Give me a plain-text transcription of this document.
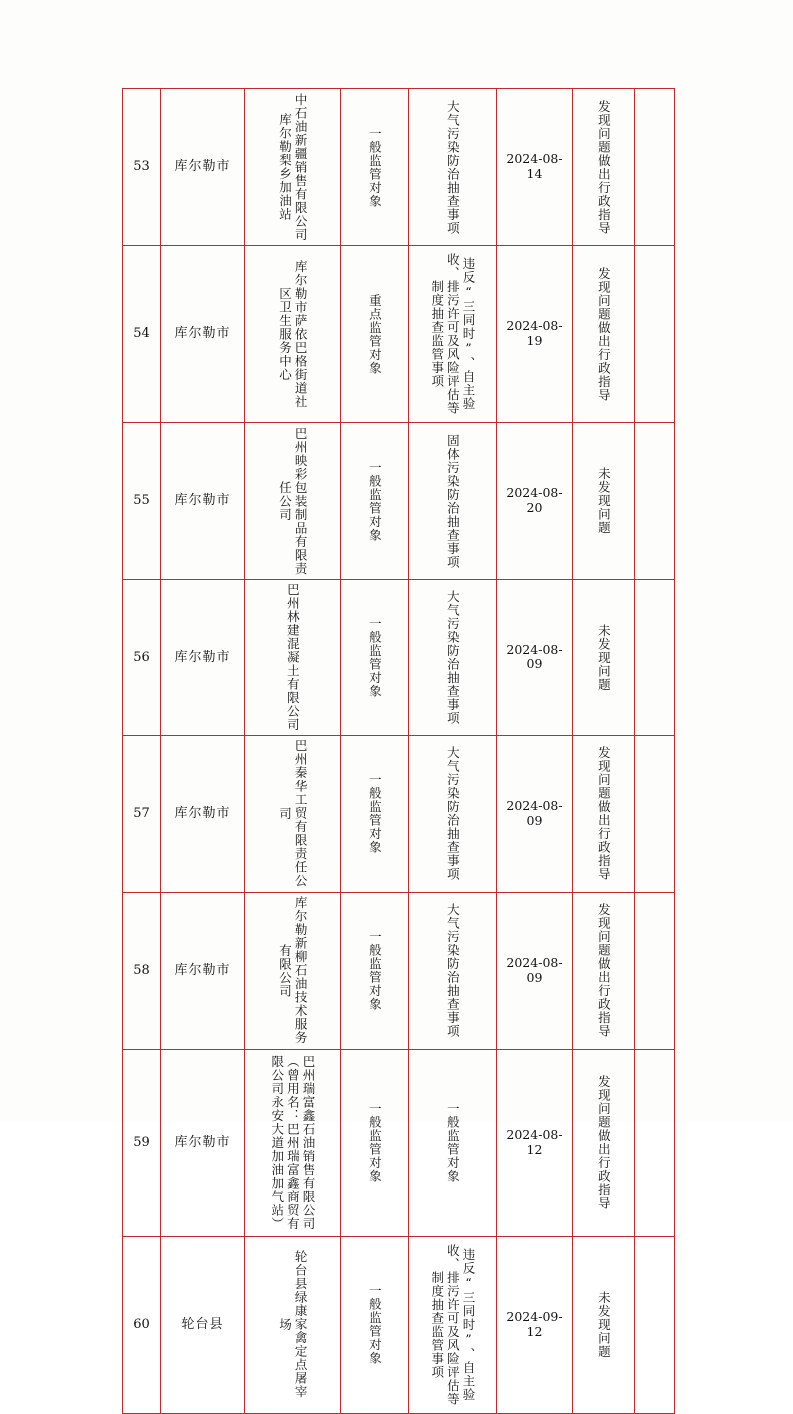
53	库尔勒市	中石油新疆销售有限公司库尔勒梨乡加油站	一般监管对象	大气污染防治抽查事项	2024-08-14	发现问题做出行政指导	

54	库尔勒市	库尔勒市萨依巴格街道社区卫生服务中心	重点监管对象	违反“三同时”、自主验收、排污许可及风险评估等制度抽查监管事项	2024-08-19	发现问题做出行政指导	

55	库尔勒市	巴州映彩包装制品有限责任公司	一般监管对象	固体污染防治抽查事项	2024-08-20	未发现问题	

56	库尔勒市	巴州林建混凝土有限公司	一般监管对象	大气污染防治抽查事项	2024-08-09	未发现问题	

57	库尔勒市	巴州秦华工贸有限责任公司	一般监管对象	大气污染防治抽查事项	2024-08-09	发现问题做出行政指导	

58	库尔勒市	库尔勒新柳石油技术服务有限公司	一般监管对象	大气污染防治抽查事项	2024-08-09	发现问题做出行政指导	

59	库尔勒市	巴州瑞富鑫石油销售有限公司（曾用名：巴州瑞富鑫商贸有限公司永安大道加油加气站）	一般监管对象	一般监管对象	2024-08-12	发现问题做出行政指导	

60	轮台县	轮台县绿康家禽定点屠宰场	一般监管对象	违反“三同时”、自主验收、排污许可及风险评估等制度抽查监管事项	2024-09-12	未发现问题	
